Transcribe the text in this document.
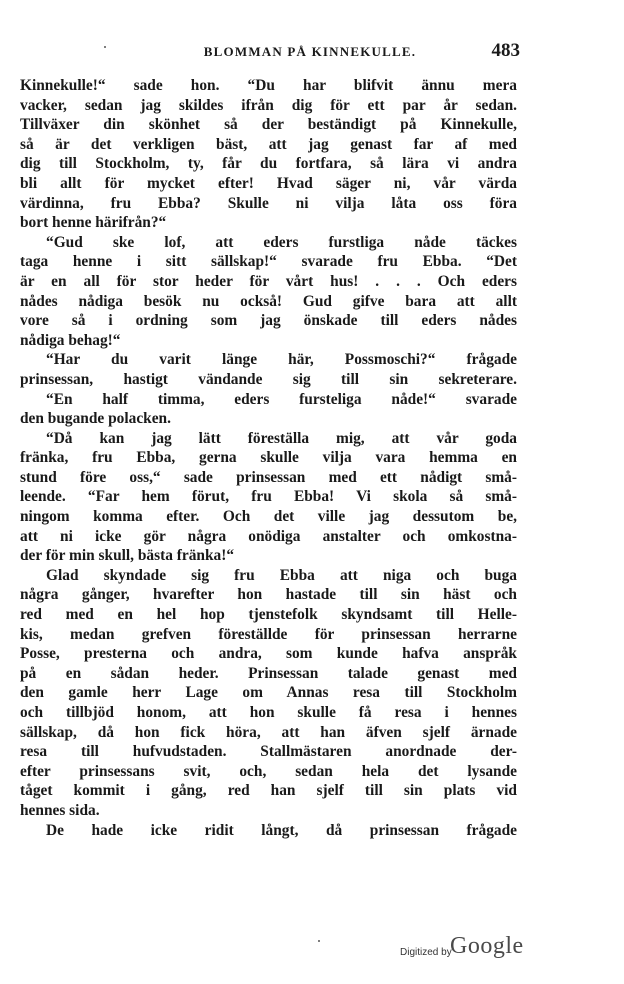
BLOMMAN PÅ KINNEKULLE.	483
Kinnekulle!“ sade hon. “Du har blifvit ännu mera
vacker, sedan jag skildes ifrån dig för ett par år sedan.
Tillväxer din skönhet så der beständigt på Kinnekulle,
så är det verkligen bäst, att jag genast far af med
dig till Stockholm, ty, får du fortfara, så lära vi andra
bli allt för mycket efter! Hvad säger ni, vår värda
värdinna, fru Ebba? Skulle ni vilja låta oss föra
bort henne härifrån?“
“Gud ske lof, att eders furstliga nåde täckes
taga henne i sitt sällskap!“ svarade fru Ebba. “Det
är en all för stor heder för vårt hus! . . . Och eders
nådes nådiga besök nu också! Gud gifve bara att allt
vore så i ordning som jag önskade till eders nådes
nådiga behag!“
“Har du varit länge här, Possmoschi?“ frågade
prinsessan, hastigt vändande sig till sin sekreterare.
“En half timma, eders fursteliga nåde!“ svarade
den bugande polacken.
“Då kan jag lätt föreställa mig, att vår goda
fränka, fru Ebba, gerna skulle vilja vara hemma en
stund före oss,“ sade prinsessan med ett nådigt små-
leende. “Far hem förut, fru Ebba! Vi skola så små-
ningom komma efter. Och det ville jag dessutom be,
att ni icke gör några onödiga anstalter och omkostna-
der för min skull, bästa fränka!“
Glad skyndade sig fru Ebba att niga och buga
några gånger, hvarefter hon hastade till sin häst och
red med en hel hop tjenstefolk skyndsamt till Helle-
kis, medan grefven föreställde för prinsessan herrarne
Posse, presterna och andra, som kunde hafva anspråk
på en sådan heder. Prinsessan talade genast med
den gamle herr Lage om Annas resa till Stockholm
och tillbjöd honom, att hon skulle få resa i hennes
sällskap, då hon fick höra, att han äfven sjelf ärnade
resa till hufvudstaden. Stallmästaren anordnade der-
efter prinsessans svit, och, sedan hela det lysande
tåget kommit i gång, red han sjelf till sin plats vid
hennes sida.
De hade icke ridit långt, då prinsessan frågade
Digitized by
Google
